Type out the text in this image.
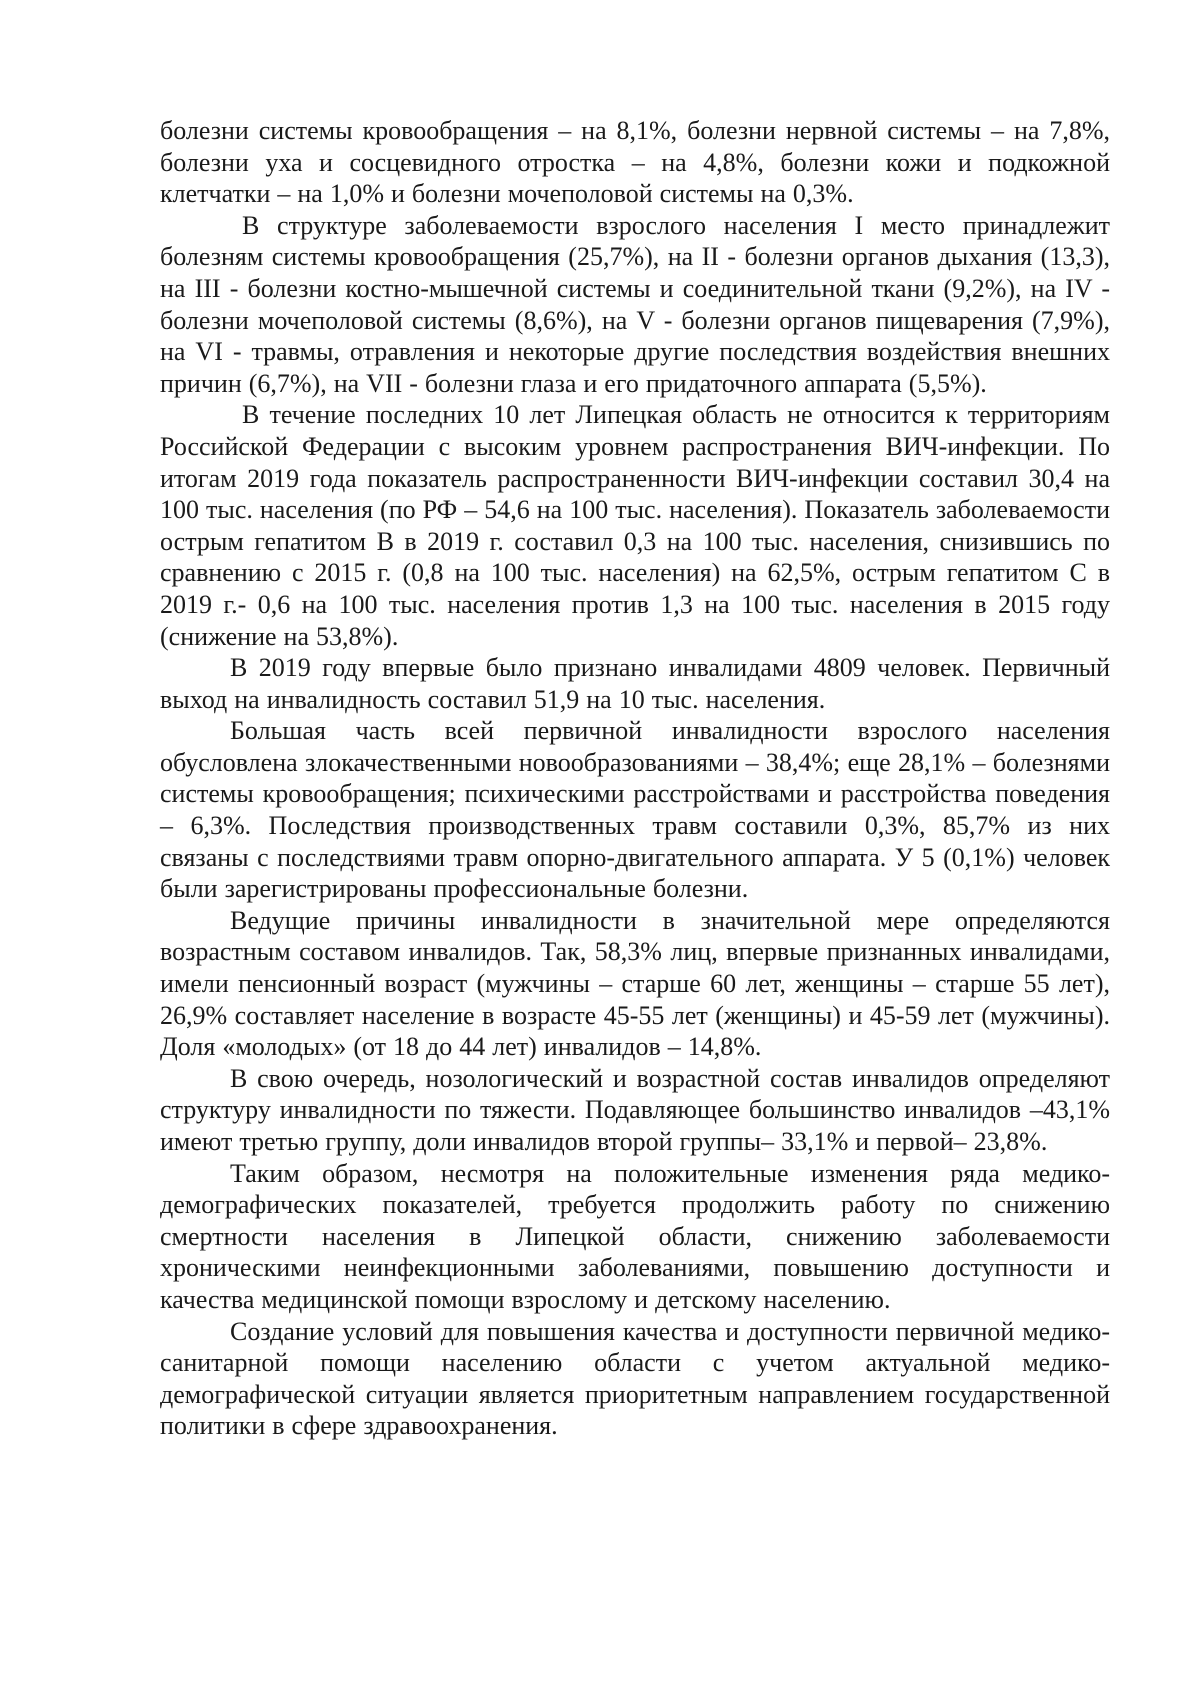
болезни системы кровообращения – на 8,1%, болезни нервной системы – на 7,8%, болезни уха и сосцевидного отростка – на 4,8%, болезни кожи и подкожной клетчатки – на 1,0% и болезни мочеполовой системы на 0,3%.

В структуре заболеваемости взрослого населения I место принадлежит болезням системы кровообращения (25,7%), на II - болезни органов дыхания (13,3), на III - болезни костно-мышечной системы и соединительной ткани (9,2%), на IV - болезни мочеполовой системы (8,6%), на V - болезни органов пищеварения (7,9%), на VI - травмы, отравления и некоторые другие последствия воздействия внешних причин (6,7%), на VII - болезни глаза и его придаточного аппарата (5,5%).

В течение последних 10 лет Липецкая область не относится к территориям Российской Федерации с высоким уровнем распространения ВИЧ-инфекции. По итогам 2019 года показатель распространенности ВИЧ-инфекции составил 30,4 на 100 тыс. населения (по РФ – 54,6 на 100 тыс. населения). Показатель заболеваемости острым гепатитом В в 2019 г. составил 0,3 на 100 тыс. населения, снизившись по сравнению с 2015 г. (0,8 на 100 тыс. населения) на 62,5%, острым гепатитом С в 2019 г.- 0,6 на 100 тыс. населения против 1,3 на 100 тыс. населения в 2015 году (снижение на 53,8%).

В 2019 году впервые было признано инвалидами 4809 человек. Первичный выход на инвалидность составил 51,9 на 10 тыс. населения.

Большая часть всей первичной инвалидности взрослого населения обусловлена злокачественными новообразованиями – 38,4%; еще 28,1% – болезнями системы кровообращения; психическими расстройствами и расстройства поведения – 6,3%. Последствия производственных травм составили 0,3%, 85,7% из них связаны с последствиями травм опорно-двигательного аппарата. У 5 (0,1%) человек были зарегистрированы профессиональные болезни.

Ведущие причины инвалидности в значительной мере определяются возрастным составом инвалидов. Так, 58,3% лиц, впервые признанных инвалидами, имели пенсионный возраст (мужчины – старше 60 лет, женщины – старше 55 лет), 26,9% составляет население в возрасте 45-55 лет (женщины) и 45-59 лет (мужчины). Доля «молодых» (от 18 до 44 лет) инвалидов – 14,8%.

В свою очередь, нозологический и возрастной состав инвалидов определяют структуру инвалидности по тяжести. Подавляющее большинство инвалидов –43,1% имеют третью группу, доли инвалидов второй группы– 33,1% и первой– 23,8%.

Таким образом, несмотря на положительные изменения ряда медико-демографических показателей, требуется продолжить работу по снижению смертности населения в Липецкой области, снижению заболеваемости хроническими неинфекционными заболеваниями, повышению доступности и качества медицинской помощи взрослому и детскому населению.

Создание условий для повышения качества и доступности первичной медико-санитарной помощи населению области с учетом актуальной медико-демографической ситуации является приоритетным направлением государственной политики в сфере здравоохранения.
